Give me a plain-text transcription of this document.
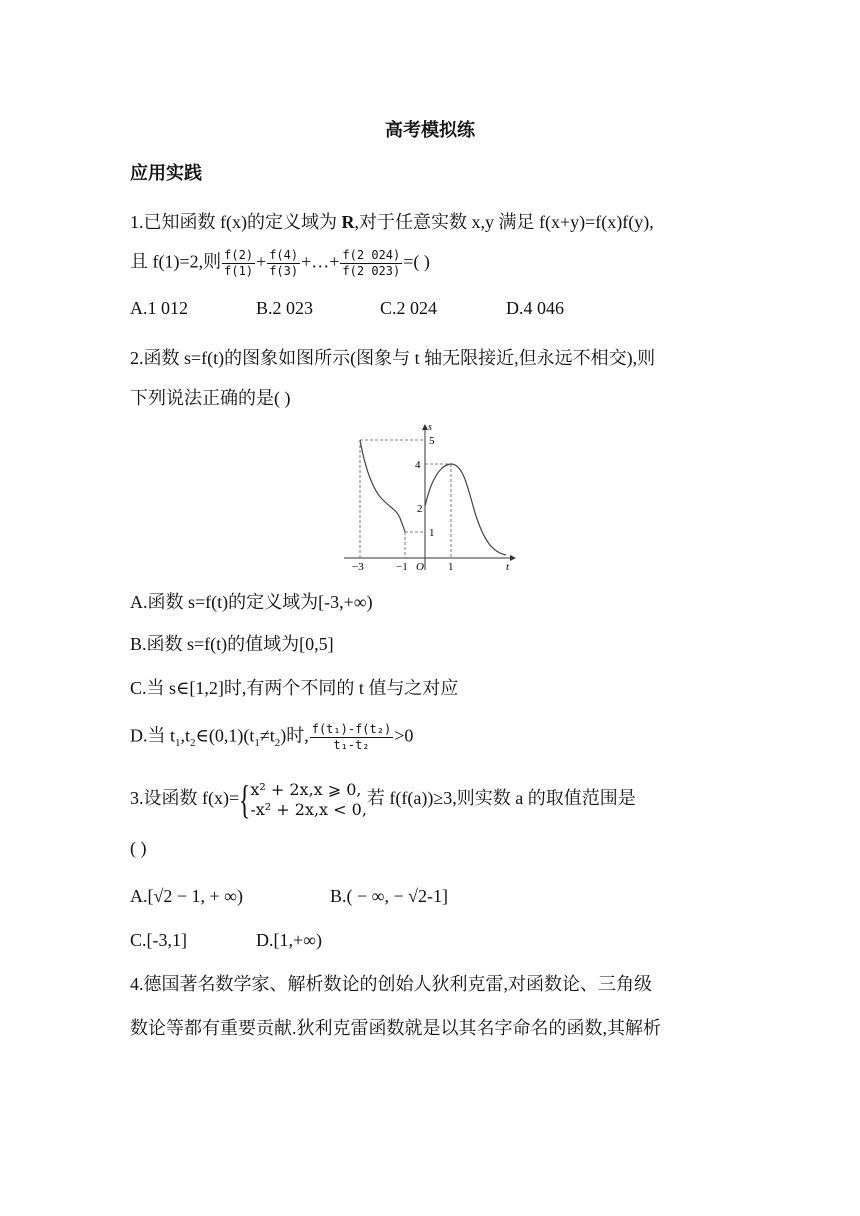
高考模拟练
应用实践
1.已知函数 f(x)的定义域为 R,对于任意实数 x,y 满足 f(x+y)=f(x)f(y),
且 f(1)=2,则 $\frac{f(2)}{f(1)} + \frac{f(4)}{f(3)}$ +…+ $\frac{f(2 024)}{f(2 023)}$ =( )
A.1 012	B.2 023	C.2 024	D.4 046
2.函数 s=f(t)的图象如图所示(图象与 t 轴无限接近,但永远不相交),则
下列说法正确的是( )
s
t
O
5
4
2
1
−3	−1	1
A.函数 s=f(t)的定义域为[-3,+∞)
B.函数 s=f(t)的值域为[0,5]
C.当 s∈[1,2]时,有两个不同的 t 值与之对应
D.当 $t_1,t_2\in(0,1)(t_1\ne t_2)$时, $\frac{\text{f(t₁)-f(t₂)}}{\text{t₁-t₂}} >0$
3.设函数 f(x)={ x² + 2x,x ⩾ 0,
-x² + 2x,x < 0,
若 f(f(a))≥3,则实数 a 的取值范围是
( )
A.[√2 − 1, + ∞)	B.( − ∞, − √2-1]
C.[-3,1]	D.[1,+∞)
4.德国著名数学家、解析数论的创始人狄利克雷,对函数论、三角级
数论等都有重要贡献.狄利克雷函数就是以其名字命名的函数,其解析
